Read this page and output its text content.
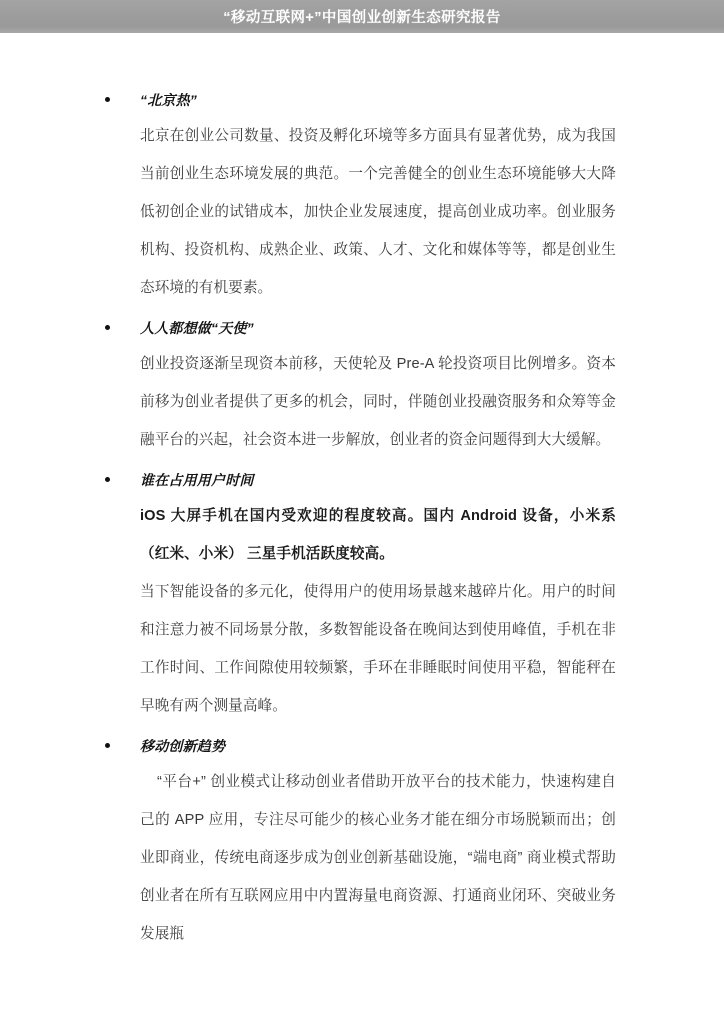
“移动互联网+”中国创业创新生态研究报告
“北京热”

北京在创业公司数量、投资及孵化环境等多方面具有显著优势，成为我国当前创业生态环境发展的典范。一个完善健全的创业生态环境能够大大降低初创企业的试错成本，加快企业发展速度，提高创业成功率。创业服务机构、投资机构、成熟企业、政策、人才、文化和媒体等等，都是创业生态环境的有机要素。

人人都想做“天使”

创业投资逐渐呈现资本前移，天使轮及 Pre-A 轮投资项目比例增多。资本前移为创业者提供了更多的机会，同时，伴随创业投融资服务和众筹等金融平台的兴起，社会资本进一步解放，创业者的资金问题得到大大缓解。

谁在占用用户时间

iOS 大屏手机在国内受欢迎的程度较高。国内 Android 设备，小米系（红米、小米） 三星手机活跃度较高。

当下智能设备的多元化，使得用户的使用场景越来越碎片化。用户的时间和注意力被不同场景分散，多数智能设备在晚间达到使用峰值，手机在非工作时间、工作间隙使用较频繁，手环在非睡眠时间使用平稳，智能秤在早晚有两个测量高峰。

移动创新趋势

“平台+” 创业模式让移动创业者借助开放平台的技术能力，快速构建自己的 APP 应用，专注尽可能少的核心业务才能在细分市场脱颖而出；创业即商业，传统电商逐步成为创业创新基础设施，“端电商” 商业模式帮助创业者在所有互联网应用中内置海量电商资源、打通商业闭环、突破业务发展瓶
